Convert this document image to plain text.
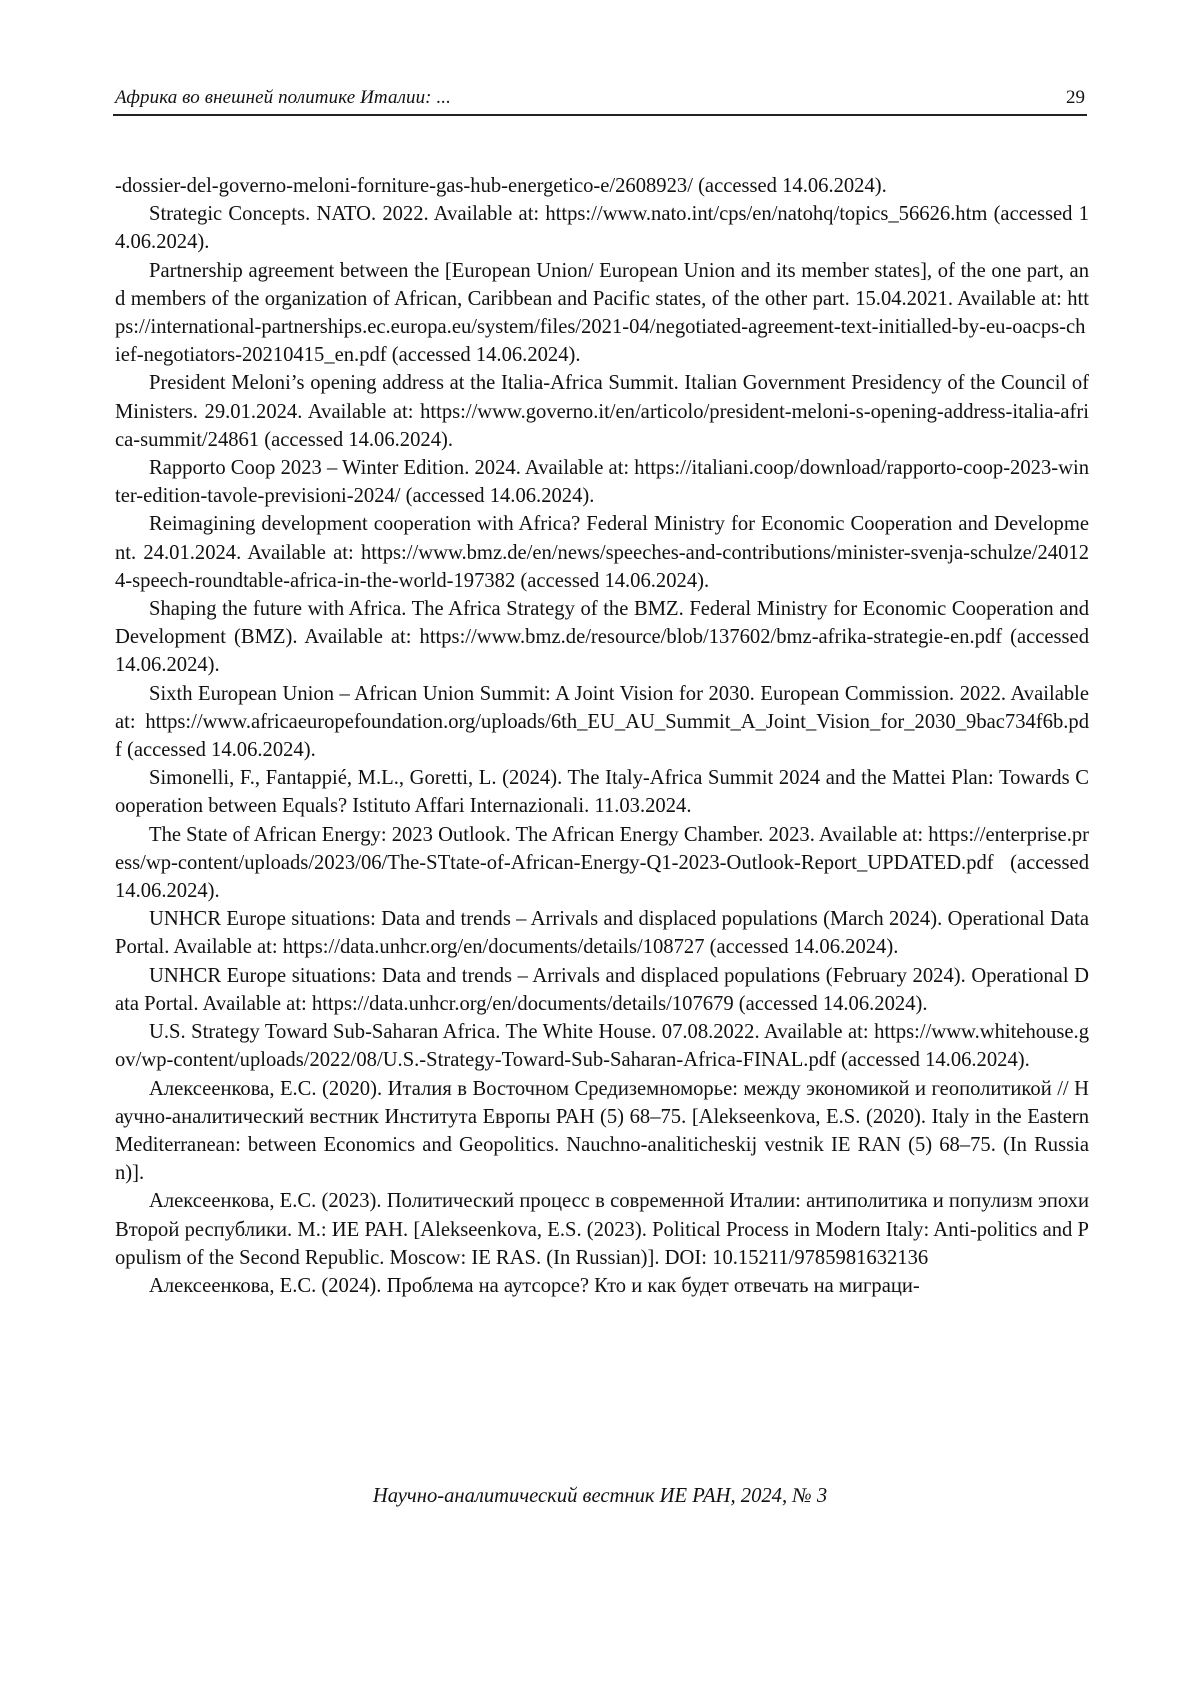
Африка во внешней политике Италии: ...	29

-dossier-del-governo-meloni-forniture-gas-hub-energetico-e/2608923/ (accessed 14.06.2024).

Strategic Concepts. NATO. 2022. Available at: https://www.nato.int/cps/en/natohq/topics_56626.htm (accessed 14.06.2024).

Partnership agreement between the [European Union/ European Union and its member states], of the one part, and members of the organization of African, Caribbean and Pacific states, of the other part. 15.04.2021. Available at: https://international-partnerships.ec.europa.eu/system/files/2021-04/negotiated-agreement-text-initialled-by-eu-oacps-chief-negotiators-20210415_en.pdf (accessed 14.06.2024).

President Meloni’s opening address at the Italia-Africa Summit. Italian Government Presidency of the Council of Ministers. 29.01.2024. Available at: https://www.governo.it/en/articolo/president-meloni-s-opening-address-italia-africa-summit/24861 (accessed 14.06.2024).

Rapporto Coop 2023 – Winter Edition. 2024. Available at: https://italiani.coop/download/rapporto-coop-2023-winter-edition-tavole-previsioni-2024/ (accessed 14.06.2024).

Reimagining development cooperation with Africa? Federal Ministry for Economic Cooperation and Development. 24.01.2024. Available at: https://www.bmz.de/en/news/speeches-and-contributions/minister-svenja-schulze/240124-speech-roundtable-africa-in-the-world-197382 (accessed 14.06.2024).

Shaping the future with Africa. The Africa Strategy of the BMZ. Federal Ministry for Economic Cooperation and Development (BMZ). Available at: https://www.bmz.de/resource/blob/137602/bmz-afrika-strategie-en.pdf (accessed 14.06.2024).

Sixth European Union – African Union Summit: A Joint Vision for 2030. European Commission. 2022. Available at: https://www.africaeuropefoundation.org/uploads/6th_EU_AU_Summit_A_Joint_Vision_for_2030_9bac734f6b.pdf (accessed 14.06.2024).

Simonelli, F., Fantappié, M.L., Goretti, L. (2024). The Italy-Africa Summit 2024 and the Mattei Plan: Towards Cooperation between Equals? Istituto Affari Internazionali. 11.03.2024.

The State of African Energy: 2023 Outlook. The African Energy Chamber. 2023. Available at: https://enterprise.press/wp-content/uploads/2023/06/The-STtate-of-African-Energy-Q1-2023-Outlook-Report_UPDATED.pdf (accessed 14.06.2024).

UNHCR Europe situations: Data and trends – Arrivals and displaced populations (March 2024). Operational Data Portal. Available at: https://data.unhcr.org/en/documents/details/108727 (accessed 14.06.2024).

UNHCR Europe situations: Data and trends – Arrivals and displaced populations (February 2024). Operational Data Portal. Available at: https://data.unhcr.org/en/documents/details/107679 (accessed 14.06.2024).

U.S. Strategy Toward Sub-Saharan Africa. The White House. 07.08.2022. Available at: https://www.whitehouse.gov/wp-content/uploads/2022/08/U.S.-Strategy-Toward-Sub-Saharan-Africa-FINAL.pdf (accessed 14.06.2024).

Алексеенкова, Е.С. (2020). Италия в Восточном Средиземноморье: между экономикой и геополитикой // Научно-аналитический вестник Института Европы РАН (5) 68–75. [Alekseenkova, E.S. (2020). Italy in the Eastern Mediterranean: between Economics and Geopolitics. Nauchno-analiticheskij vestnik IE RAN (5) 68–75. (In Russian)].

Алексеенкова, Е.С. (2023). Политический процесс в современной Италии: антиполитика и популизм эпохи Второй республики. М.: ИЕ РАН. [Alekseenkova, E.S. (2023). Political Process in Modern Italy: Anti-politics and Populism of the Second Republic. Moscow: IE RAS. (In Russian)]. DOI: 10.15211/9785981632136

Алексеенкова, Е.С. (2024). Проблема на аутсорсе? Кто и как будет отвечать на миграци-

Научно-аналитический вестник ИЕ РАН, 2024, № 3
